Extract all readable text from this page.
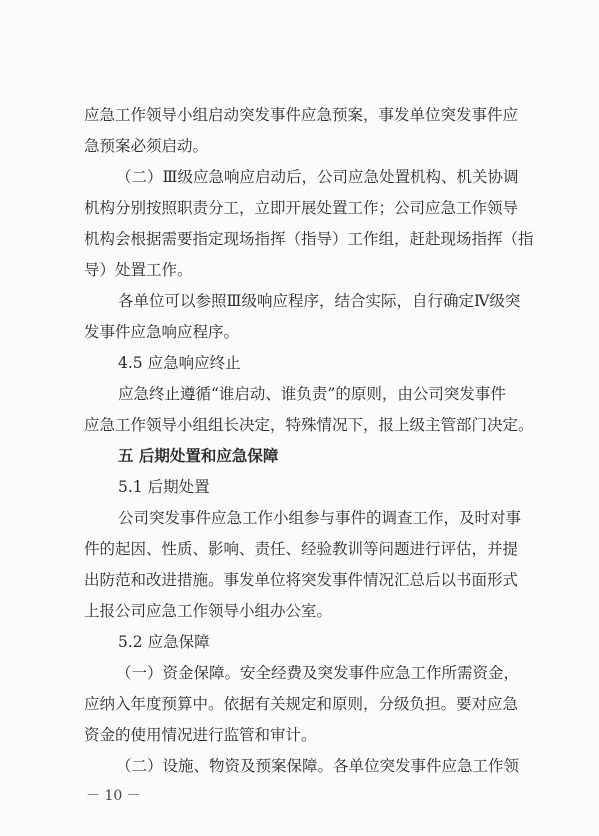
应急工作领导小组启动突发事件应急预案，事发单位突发事件应
急预案必须启动。
（二）Ⅲ级应急响应启动后，公司应急处置机构、机关协调
机构分别按照职责分工，立即开展处置工作；公司应急工作领导
机构会根据需要指定现场指挥（指导）工作组，赶赴现场指挥（指
导）处置工作。
各单位可以参照Ⅲ级响应程序，结合实际，自行确定Ⅳ级突
发事件应急响应程序。
4.5 应急响应终止
应急终止遵循“谁启动、谁负责”的原则，由公司突发事件
应急工作领导小组组长决定，特殊情况下，报上级主管部门决定。
五 后期处置和应急保障
5.1 后期处置
公司突发事件应急工作小组参与事件的调查工作，及时对事
件的起因、性质、影响、责任、经验教训等问题进行评估，并提
出防范和改进措施。事发单位将突发事件情况汇总后以书面形式
上报公司应急工作领导小组办公室。
5.2 应急保障
（一）资金保障。安全经费及突发事件应急工作所需资金，
应纳入年度预算中。依据有关规定和原则，分级负担。要对应急
资金的使用情况进行监管和审计。
（二）设施、物资及预案保障。各单位突发事件应急工作领
－ 10 －
